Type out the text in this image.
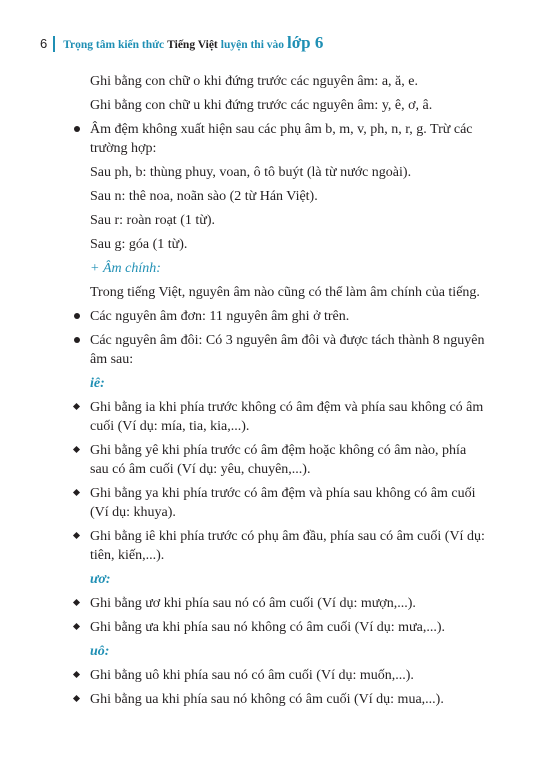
6 Trọng tâm kiến thức Tiếng Việt luyện thi vào lớp 6
Ghi bằng con chữ o khi đứng trước các nguyên âm: a, ă, e.
Ghi bằng con chữ u khi đứng trước các nguyên âm: y, ê, ơ, â.
Âm đệm không xuất hiện sau các phụ âm b, m, v, ph, n, r, g. Trừ các trường hợp:
Sau ph, b: thùng phuy, voan, ô tô buýt (là từ nước ngoài).
Sau n: thê noa, noãn sào (2 từ Hán Việt).
Sau r: roàn roạt (1 từ).
Sau g: góa (1 từ).
+ Âm chính:
Trong tiếng Việt, nguyên âm nào cũng có thể làm âm chính của tiếng.
Các nguyên âm đơn: 11 nguyên âm ghi ở trên.
Các nguyên âm đôi: Có 3 nguyên âm đôi và được tách thành 8 nguyên âm sau:
iê:
Ghi bằng ia khi phía trước không có âm đệm và phía sau không có âm cuối (Ví dụ: mía, tia, kia,...).
Ghi bằng yê khi phía trước có âm đệm hoặc không có âm nào, phía sau có âm cuối (Ví dụ: yêu, chuyên,...).
Ghi bằng ya khi phía trước có âm đệm và phía sau không có âm cuối (Ví dụ: khuya).
Ghi bằng iê khi phía trước có phụ âm đầu, phía sau có âm cuối (Ví dụ: tiên, kiến,...).
ươ:
Ghi bằng ươ khi phía sau nó có âm cuối (Ví dụ: mượn,...).
Ghi bằng ưa khi phía sau nó không có âm cuối (Ví dụ: mưa,...).
uô:
Ghi bằng uô khi phía sau nó có âm cuối (Ví dụ: muốn,...).
Ghi bằng ua khi phía sau nó không có âm cuối (Ví dụ: mua,...).
